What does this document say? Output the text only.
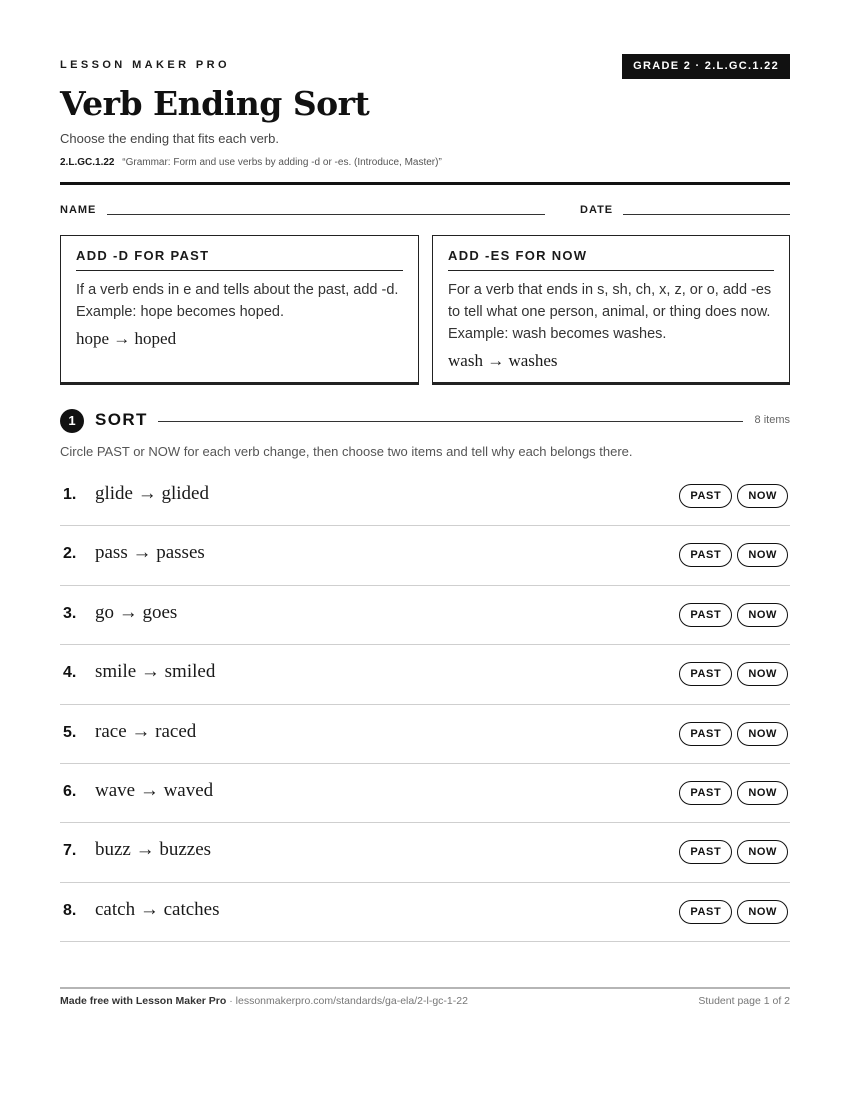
LESSON MAKER PRO	GRADE 2 · 2.L.GC.1.22
Verb Ending Sort
Choose the ending that fits each verb.
2.L.GC.1.22 “Grammar: Form and use verbs by adding -d or -es. (Introduce, Master)”
NAME	DATE
ADD -D FOR PAST
If a verb ends in e and tells about the past, add -d. Example: hope becomes hoped.
hope → hoped
ADD -ES FOR NOW
For a verb that ends in s, sh, ch, x, z, or o, add -es to tell what one person, animal, or thing does now. Example: wash becomes washes.
wash → washes
1	SORT	8 items
Circle PAST or NOW for each verb change, then choose two items and tell why each belongs there.
1. glide → glided	PAST NOW
2. pass → passes	PAST NOW
3. go → goes	PAST NOW
4. smile → smiled	PAST NOW
5. race → raced	PAST NOW
6. wave → waved	PAST NOW
7. buzz → buzzes	PAST NOW
8. catch → catches	PAST NOW
Made free with Lesson Maker Pro · lessonmakerpro.com/standards/ga-ela/2-l-gc-1-22	Student page 1 of 2
